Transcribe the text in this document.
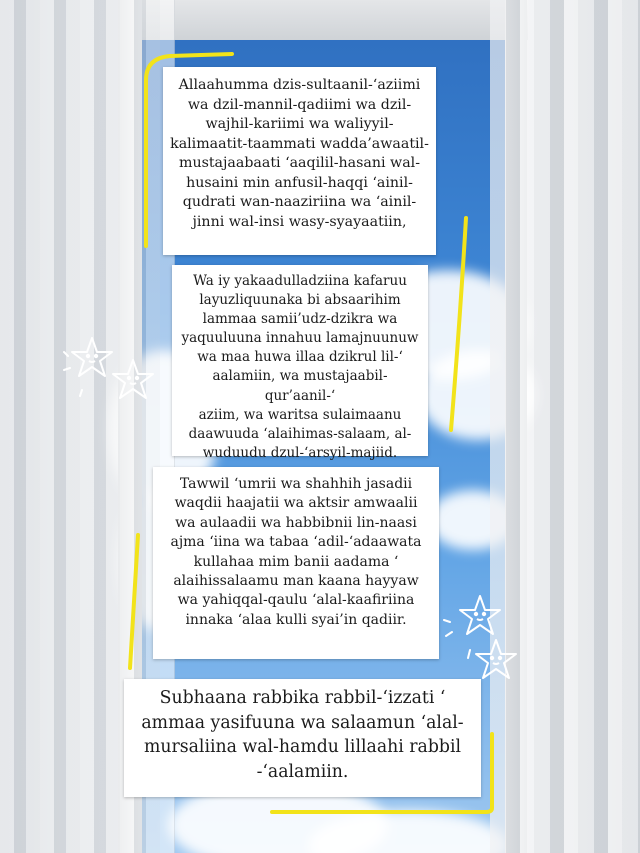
Allaahumma dzis-sultaanil-‘aziimi
wa dzil-mannil-qadiimi wa dzil-
wajhil-kariimi wa waliyyil-
kalimaatit-taammati wadda’awaatil-
mustajaabaati ‘aaqilil-hasani wal-
husaini min anfusil-haqqi ‘ainil-
qudrati wan-naaziriina wa ‘ainil-
jinni wal-insi wasy-syayaatiin,

Wa iy yakaadulladziina kafaruu
layuzliquunaka bi absaarihim
lammaa samii’udz-dzikra wa
yaquuluuna innahuu lamajnuunuw
wa maa huwa illaa dzikrul lil-‘
aalamiin, wa mustajaabil-qur’aanil-‘
aziim, wa waritsa sulaimaanu
daawuuda ‘alaihimas-salaam, al-
wuduudu dzul-‘arsyil-majiid.

Tawwil ‘umrii wa shahhih jasadii
waqdii haajatii wa aktsir amwaalii
wa aulaadii wa habbibnii lin-naasi
ajma ‘iina wa tabaa ‘adil-‘adaawata
kullahaa mim banii aadama ‘
alaihissalaamu man kaana hayyaw
wa yahiqqal-qaulu ‘alal-kaafiriina
innaka ‘alaa kulli syai’in qadiir.

Subhaana rabbika rabbil-‘izzati ‘
ammaa yasifuuna wa salaamun ‘alal-
mursaliina wal-hamdu lillaahi rabbil
-‘aalamiin.
